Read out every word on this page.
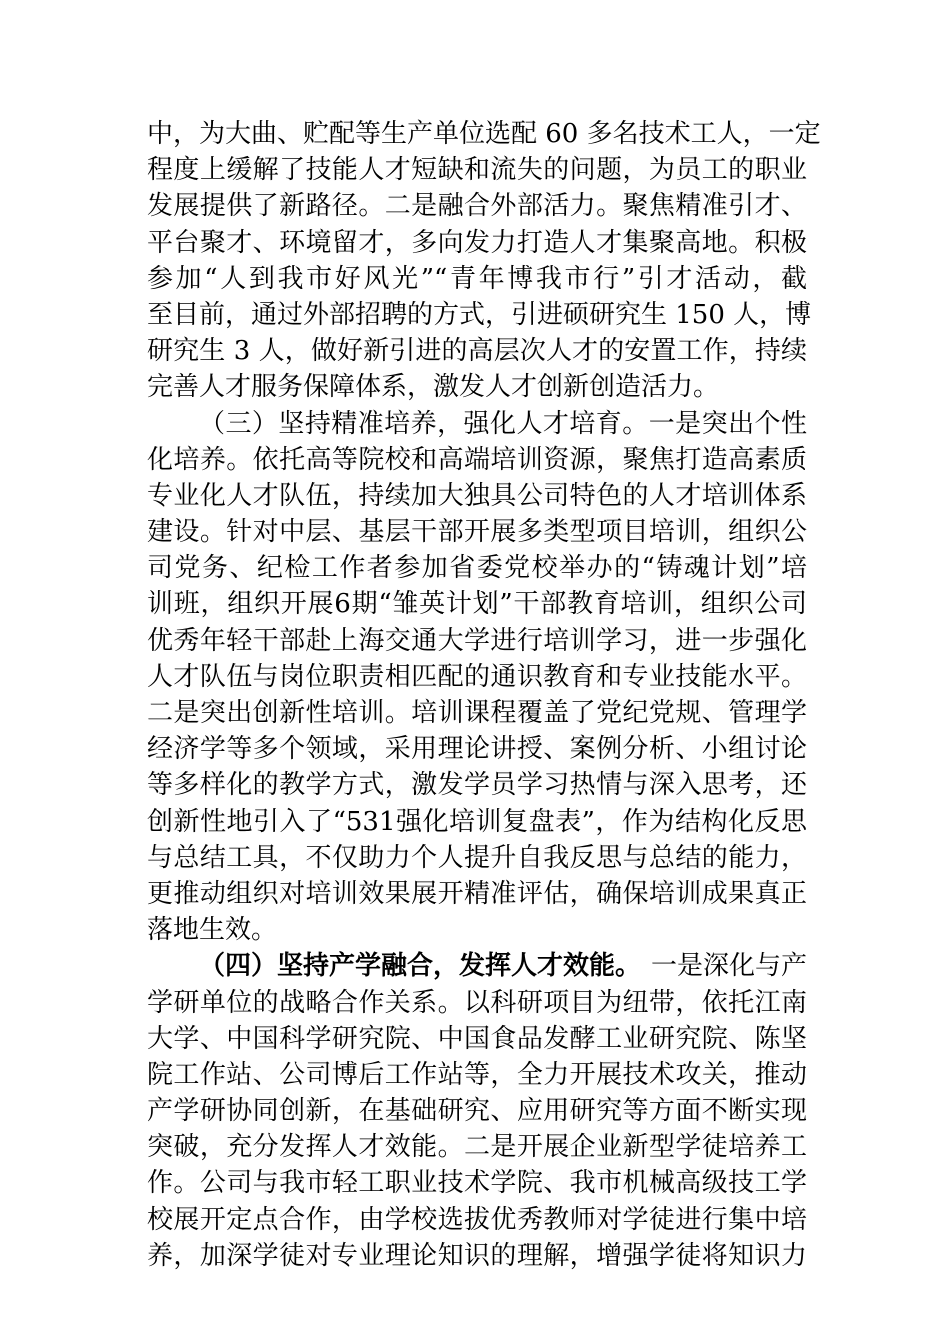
中，为大曲、贮配等生产单位选配 60 多名技术工人，一定
程度上缓解了技能人才短缺和流失的问题，为员工的职业
发展提供了新路径。二是融合外部活力。聚焦精准引才、
平台聚才、环境留才，多向发力打造人才集聚高地。积极
参加“人到我市好风光”“青年博我市行”引才活动，截
至目前，通过外部招聘的方式，引进硕研究生 150 人，博
研究生 3 人，做好新引进的高层次人才的安置工作，持续
完善人才服务保障体系，激发人才创新创造活力。
（三）坚持精准培养，强化人才培育。一是突出个性
化培养。依托高等院校和高端培训资源，聚焦打造高素质
专业化人才队伍，持续加大独具公司特色的人才培训体系
建设。针对中层、基层干部开展多类型项目培训，组织公
司党务、纪检工作者参加省委党校举办的“铸魂计划”培
训班，组织开展6期“雏英计划”干部教育培训，组织公司
优秀年轻干部赴上海交通大学进行培训学习，进一步强化
人才队伍与岗位职责相匹配的通识教育和专业技能水平。
二是突出创新性培训。培训课程覆盖了党纪党规、管理学
经济学等多个领域，采用理论讲授、案例分析、小组讨论
等多样化的教学方式，激发学员学习热情与深入思考，还
创新性地引入了“531强化培训复盘表”，作为结构化反思
与总结工具，不仅助力个人提升自我反思与总结的能力，
更推动组织对培训效果展开精准评估，确保培训成果真正
落地生效。
（四）坚持产学融合，发挥人才效能。 一是深化与产
学研单位的战略合作关系。以科研项目为纽带，依托江南
大学、中国科学研究院、中国食品发酵工业研究院、陈坚
院工作站、公司博后工作站等，全力开展技术攻关，推动
产学研协同创新，在基础研究、应用研究等方面不断实现
突破，充分发挥人才效能。二是开展企业新型学徒培养工
作。公司与我市轻工职业技术学院、我市机械高级技工学
校展开定点合作，由学校选拔优秀教师对学徒进行集中培
养，加深学徒对专业理论知识的理解，增强学徒将知识力
